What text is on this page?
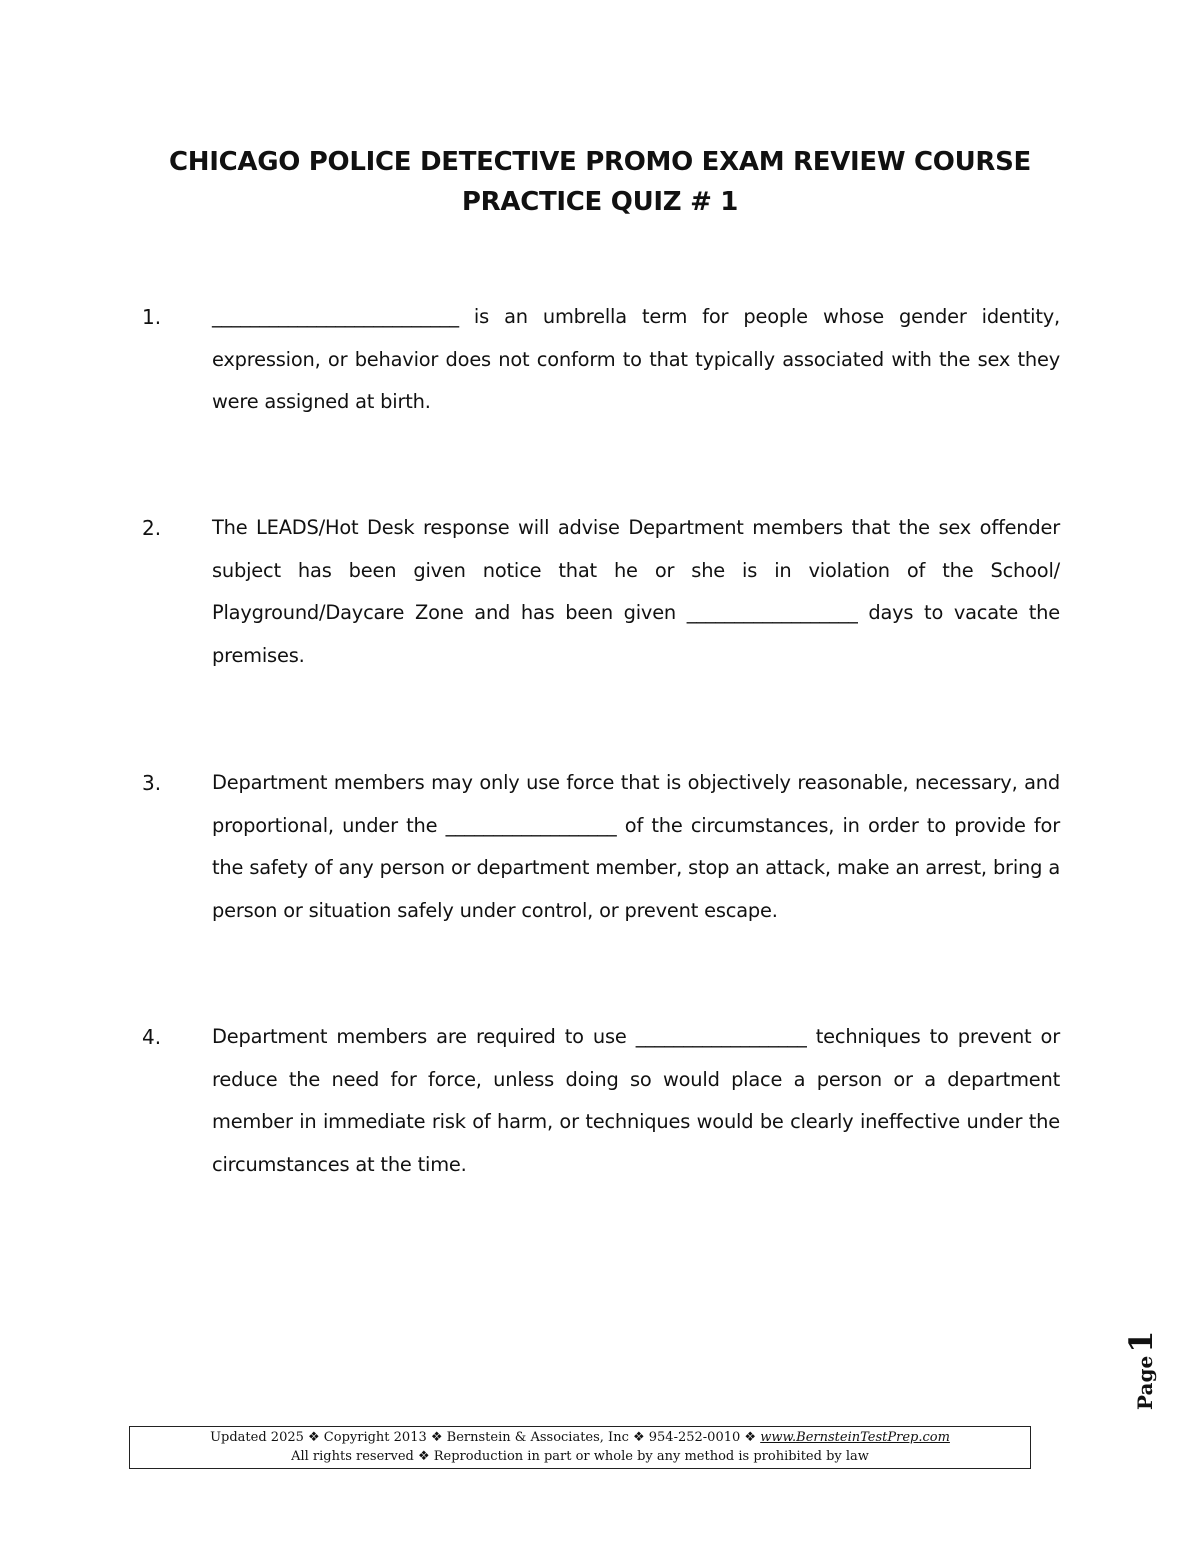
CHICAGO POLICE DETECTIVE PROMO EXAM REVIEW COURSE
PRACTICE QUIZ # 1
1.	__________________________ is an umbrella term for people whose gender identity, expression, or behavior does not conform to that typically associated with the sex they were assigned at birth.
2.	The LEADS/Hot Desk response will advise Department members that the sex offender subject has been given notice that he or she is in violation of the School/ Playground/Daycare Zone and has been given __________________ days to vacate the premises.
3.	Department members may only use force that is objectively reasonable, necessary, and proportional, under the __________________ of the circumstances, in order to provide for the safety of any person or department member, stop an attack, make an arrest, bring a person or situation safely under control, or prevent escape.
4.	Department members are required to use __________________ techniques to prevent or reduce the need for force, unless doing so would place a person or a department member in immediate risk of harm, or techniques would be clearly ineffective under the circumstances at the time.
Page1
Updated 2025 ❖ Copyright 2013 ❖ Bernstein & Associates, Inc ❖ 954-252-0010 ❖ www.BernsteinTestPrep.com
All rights reserved ❖ Reproduction in part or whole by any method is prohibited by law
